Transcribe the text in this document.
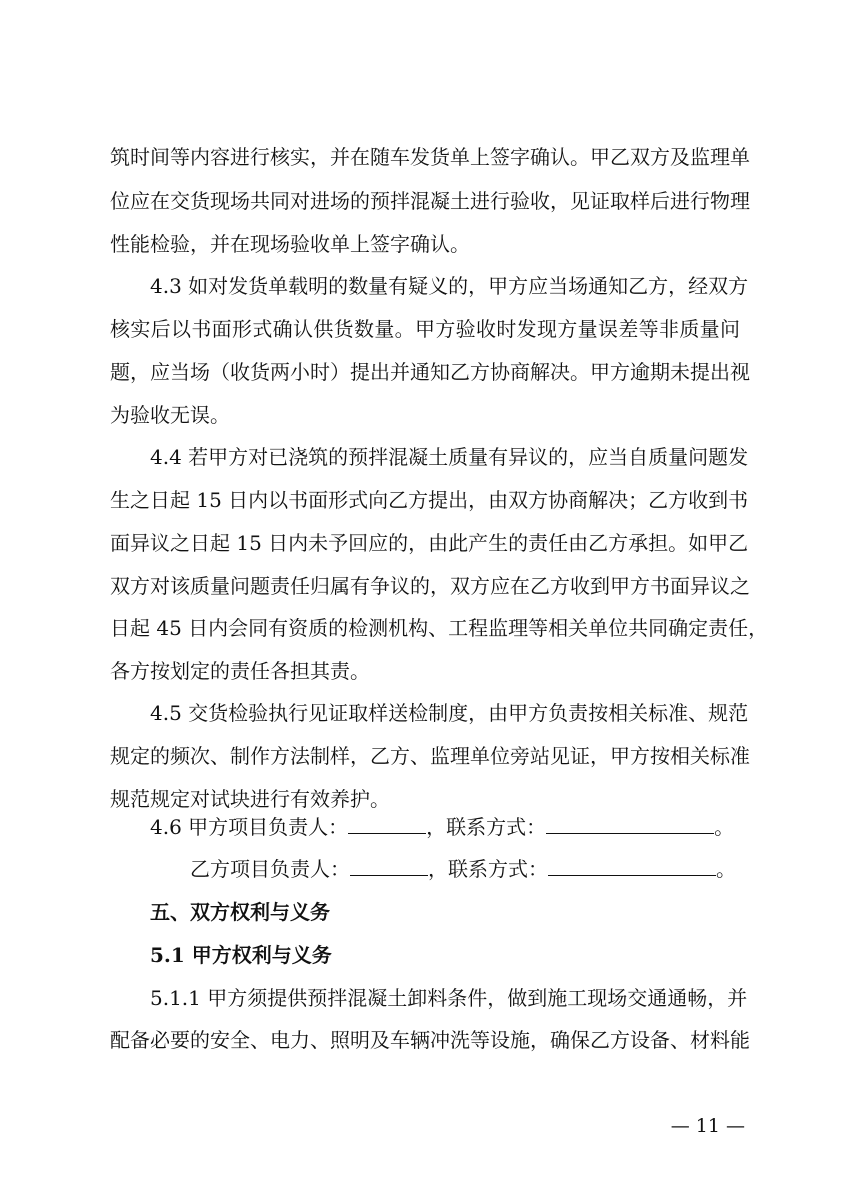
筑时间等内容进行核实，并在随车发货单上签字确认。甲乙双方及监理单
位应在交货现场共同对进场的预拌混凝土进行验收，见证取样后进行物理
性能检验，并在现场验收单上签字确认。
4.3 如对发货单载明的数量有疑义的，甲方应当场通知乙方，经双方
核实后以书面形式确认供货数量。甲方验收时发现方量误差等非质量问
题，应当场（收货两小时）提出并通知乙方协商解决。甲方逾期未提出视
为验收无误。
4.4 若甲方对已浇筑的预拌混凝土质量有异议的，应当自质量问题发
生之日起 15 日内以书面形式向乙方提出，由双方协商解决；乙方收到书
面异议之日起 15 日内未予回应的，由此产生的责任由乙方承担。如甲乙
双方对该质量问题责任归属有争议的，双方应在乙方收到甲方书面异议之
日起 45 日内会同有资质的检测机构、工程监理等相关单位共同确定责任，
各方按划定的责任各担其责。
4.5 交货检验执行见证取样送检制度，由甲方负责按相关标准、规范
规定的频次、制作方法制样，乙方、监理单位旁站见证，甲方按相关标准
规范规定对试块进行有效养护。
4.6 甲方项目负责人：	，联系方式：	。
乙方项目负责人：	，联系方式：	。
五、双方权利与义务
5.1 甲方权利与义务
5.1.1 甲方须提供预拌混凝土卸料条件，做到施工现场交通通畅，并
配备必要的安全、电力、照明及车辆冲洗等设施，确保乙方设备、材料能
— 11 —
